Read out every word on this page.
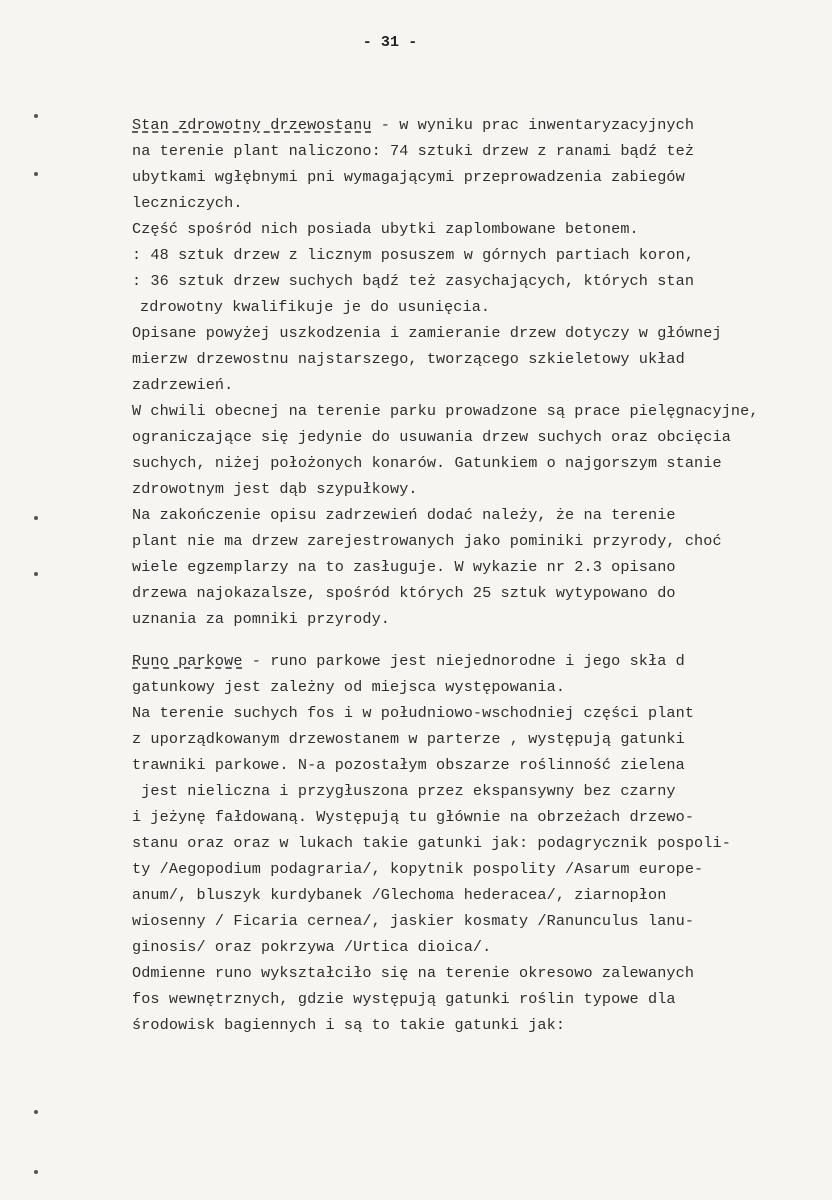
- 31 -
Stan zdrowotny drzewostanu - w wyniku prac inwentaryzacyjnych
na terenie plant naliczono: 74 sztuki drzew z ranami bądź też
ubytkami wgłębnymi pni wymagającymi przeprowadzenia zabiegów
leczniczych.
Część spośród nich posiada ubytki zaplombowane betonem.
: 48 sztuk drzew z licznym posuszem w górnych partiach koron,
: 36 sztuk drzew suchych bądź też zasychających, których stan
zdrowotny kwalifikuje je do usunięcia.
Opisane powyżej uszkodzenia i zamieranie drzew dotyczy w głównej
mierzw drzewostnu najstarszego, tworzącego szkieletowy układ
zadrzewień.
W chwili obecnej na terenie parku prowadzone są prace pielęgnacyjne,
ograniczające się jedynie do usuwania drzew suchych oraz obcięcia
suchych, niżej położonych konarów. Gatunkiem o najgorszym stanie
zdrowotnym jest dąb szypułkowy.
Na zakończenie opisu zadrzewień dodać należy, że na terenie
plant nie ma drzew zarejestrowanych jako pominiki przyrody, choć
wiele egzemplarzy na to zasługuje. W wykazie nr 2.3 opisano
drzewa najokazalsze, spośród których 25 sztuk wytypowano do
uznania za pomniki przyrody.
Runo parkowe - runo parkowe jest niejednorodne i jego skła d
gatunkowy jest zależny od miejsca występowania.
Na terenie suchych fos i w południowo-wschodniej części plant
z uporządkowanym drzewostanem w parterze , występują gatunki
trawniki parkowe. N-a pozostałym obszarze roślinność zielena
jest nieliczna i przygłuszona przez ekspansywny bez czarny
i jeżynę fałdowaną. Występują tu głównie na obrzeżach drzewo-
stanu oraz oraz w lukach takie gatunki jak: podagrycznik pospoli-
ty /Aegopodium podagraria/, kopytnik pospolity /Asarum europe-
anum/, bluszyk kurdybanek /Glechoma hederacea/, ziarnopłon
wiosenny / Ficaria cernea/, jaskier kosmaty /Ranunculus lanu-
ginosis/ oraz pokrzywa /Urtica dioica/.
Odmienne runo wykształciło się na terenie okresowo zalewanych
fos wewnętrznych, gdzie występują gatunki roślin typowe dla
środowisk bagiennych i są to takie gatunki jak:
